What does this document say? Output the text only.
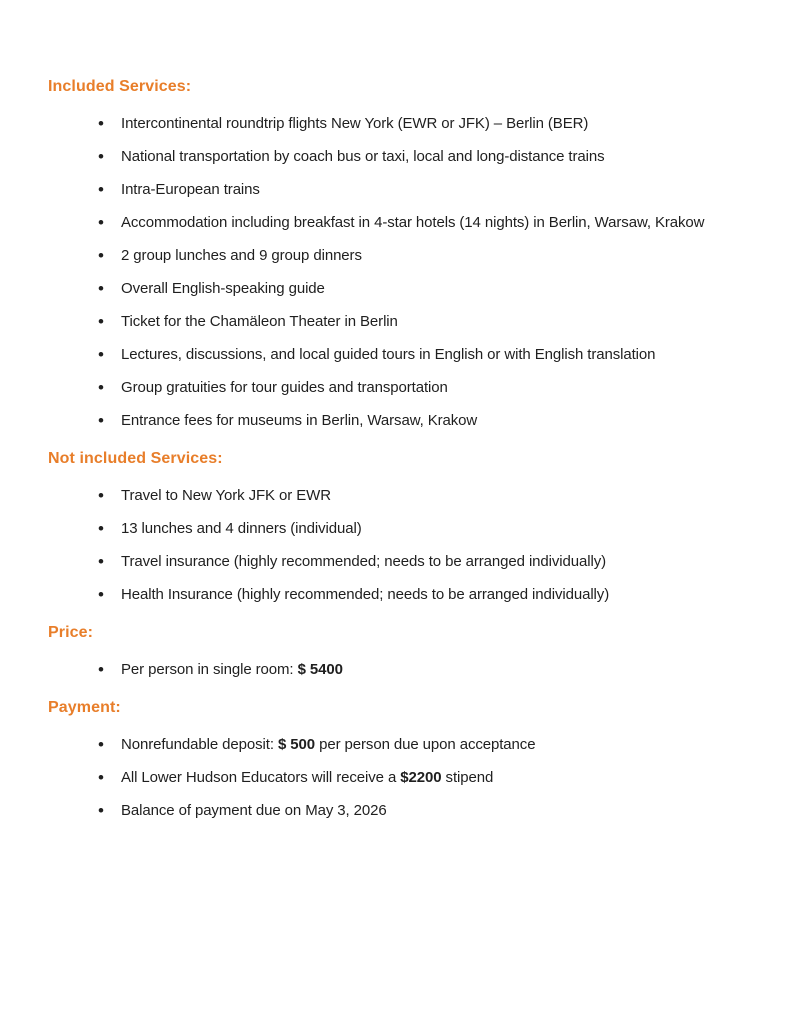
Included Services:
• Intercontinental roundtrip flights New York (EWR or JFK) – Berlin (BER)
• National transportation by coach bus or taxi, local and long-distance trains
• Intra-European trains
• Accommodation including breakfast in 4-star hotels (14 nights) in Berlin, Warsaw, Krakow
• 2 group lunches and 9 group dinners
• Overall English-speaking guide
• Ticket for the Chamäleon Theater in Berlin
• Lectures, discussions, and local guided tours in English or with English translation
• Group gratuities for tour guides and transportation
• Entrance fees for museums in Berlin, Warsaw, Krakow
Not included Services:
• Travel to New York JFK or EWR
• 13 lunches and 4 dinners (individual)
• Travel insurance (highly recommended; needs to be arranged individually)
• Health Insurance (highly recommended; needs to be arranged individually)
Price:
• Per person in single room: $ 5400
Payment:
• Nonrefundable deposit: $ 500 per person due upon acceptance
• All Lower Hudson Educators will receive a $2200 stipend
• Balance of payment due on May 3, 2026
